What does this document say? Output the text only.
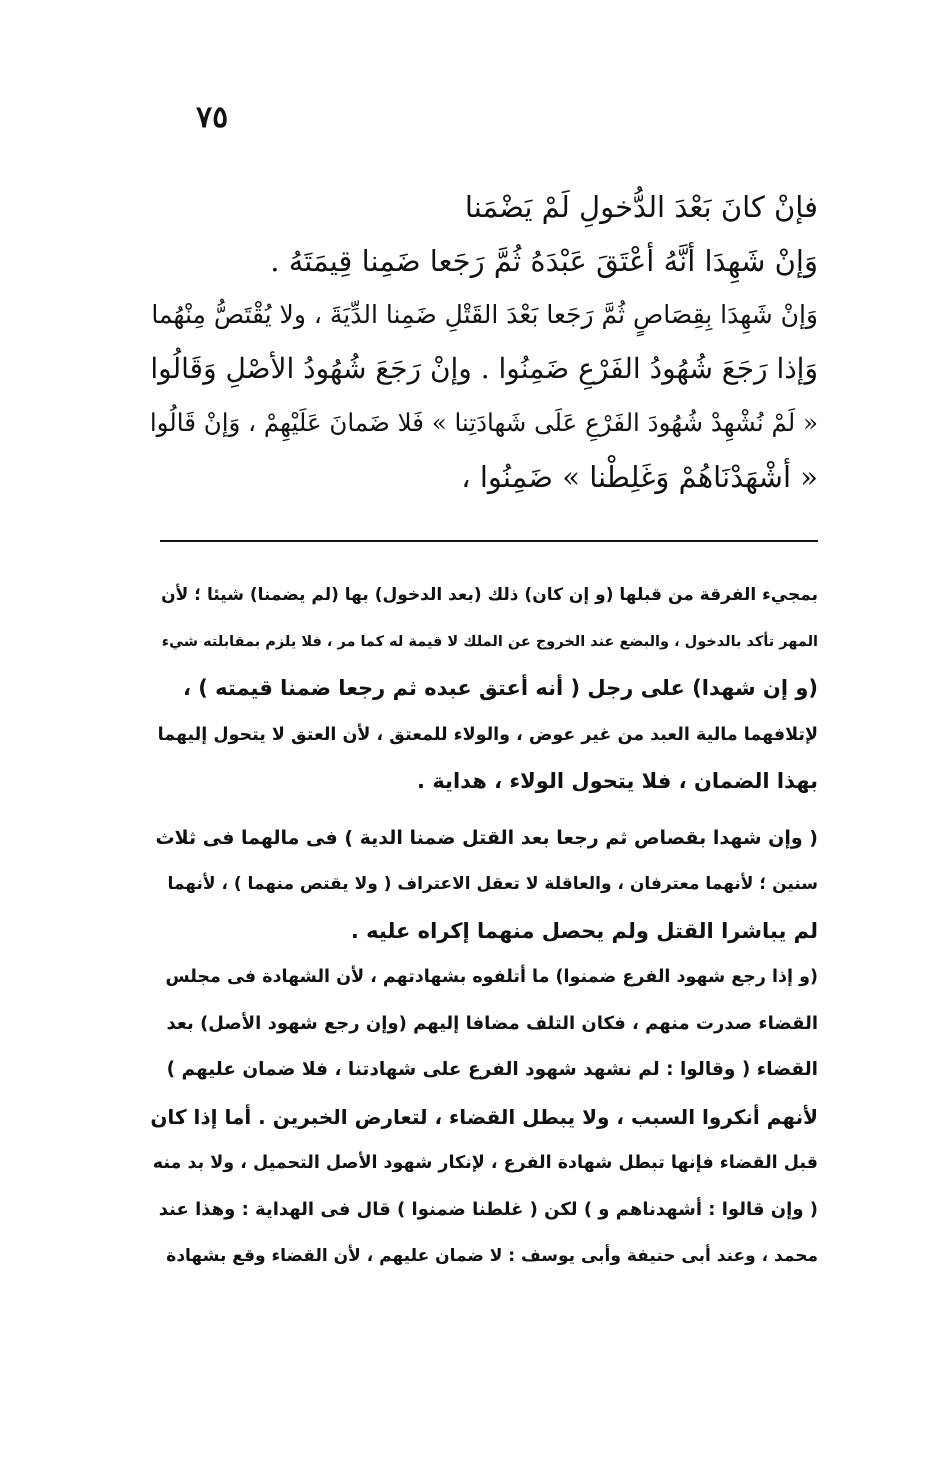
٧٥
فإنْ كانَ بَعْدَ الدُّخولِ لَمْ يَضْمَنا
وَإنْ شَهِدَا أنَّهُ أعْتَقَ عَبْدَهُ ثُمَّ رَجَعا ضَمِنا قِيمَتَهُ .
وَإنْ شَهِدَا بِقِصَاصٍ ثُمَّ رَجَعا بَعْدَ القَتْلِ ضَمِنا الدِّيَةَ ، ولا يُقْتَصُّ مِنْهُما
وَإذا رَجَعَ شُهُودُ الفَرْعِ ضَمِنُوا . وإنْ رَجَعَ شُهُودُ الأصْلِ وَقَالُوا
« لَمْ نُشْهِدْ شُهُودَ الفَرْعِ عَلَى شَهادَتِنا » فَلا ضَمانَ عَلَيْهِمْ ، وَإنْ قَالُوا
« أشْهَدْنَاهُمْ وَغَلِطْنا » ضَمِنُوا ،
بمجيء الفرقة من قبلها (و إن كان) ذلك (بعد الدخول) بها (لم يضمنا) شيئا ؛ لأن
المهر تأكد بالدخول ، والبضع عند الخروج عن الملك لا قيمة له كما مر ، فلا يلزم بمقابلته شيء
(و إن شهدا) على رجل ( أنه أعتق عبده ثم رجعا ضمنا قيمته ) ،
لإتلافهما مالية العبد من غير عوض ، والولاء للمعتق ، لأن العتق لا يتحول إليهما
بهذا الضمان ، فلا يتحول الولاء ، هداية .
( وإن شهدا بقصاص ثم رجعا بعد القتل ضمنا الدية ) فى مالهما فى ثلاث
سنين ؛ لأنهما معترفان ، والعاقلة لا تعقل الاعتراف ( ولا يقتص منهما ) ، لأنهما
لم يباشرا القتل ولم يحصل منهما إكراه عليه .
(و إذا رجع شهود الفرع ضمنوا) ما أتلفوه بشهادتهم ، لأن الشهادة فى مجلس
القضاء صدرت منهم ، فكان التلف مضافا إليهم (وإن رجع شهود الأصل) بعد
القضاء ( وقالوا : لم نشهد شهود الفرع على شهادتنا ، فلا ضمان عليهم )
لأنهم أنكروا السبب ، ولا يبطل القضاء ، لتعارض الخبرين . أما إذا كان
قبل القضاء فإنها تبطل شهادة الفرع ، لإنكار شهود الأصل التحميل ، ولا بد منه
( وإن قالوا : أشهدناهم و ) لكن ( غلطنا ضمنوا ) قال فى الهداية : وهذا عند
محمد ، وعند أبى حنيفة وأبى يوسف : لا ضمان عليهم ، لأن القضاء وقع بشهادة
